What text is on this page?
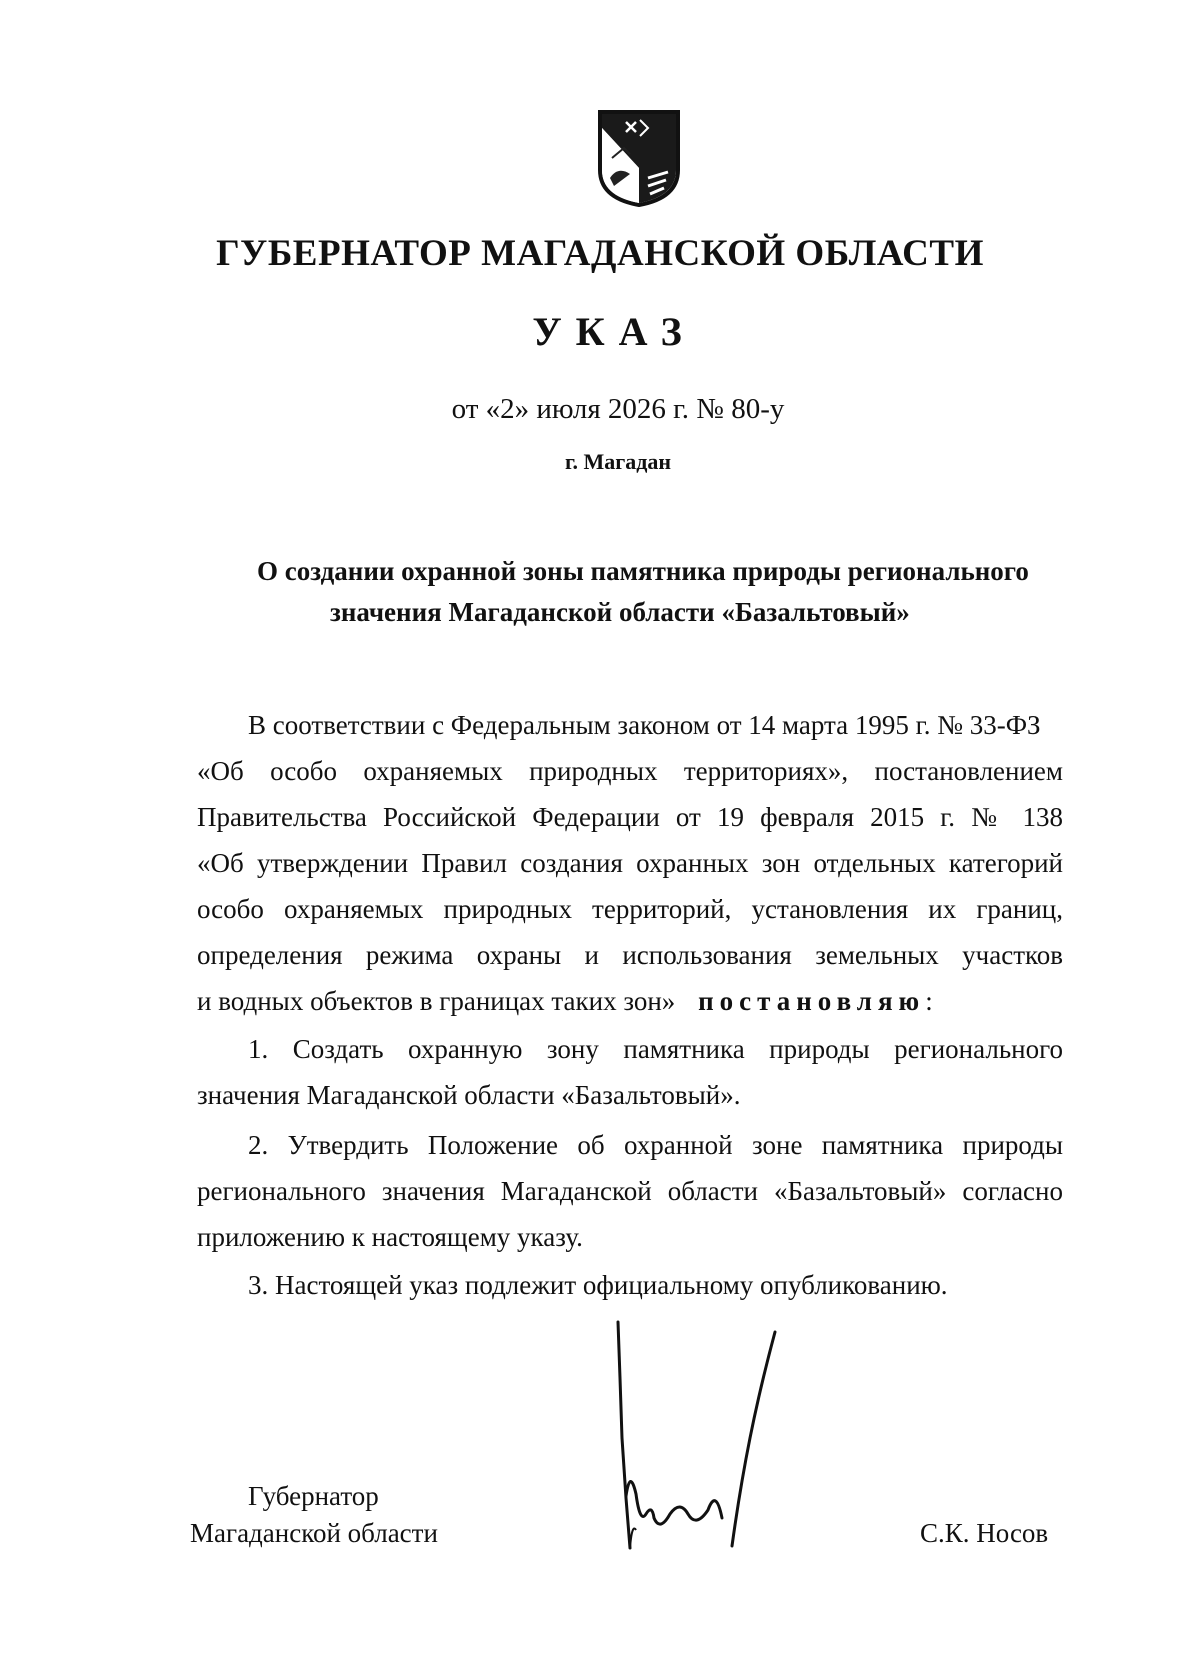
ГУБЕРНАТОР МАГАДАНСКОЙ ОБЛАСТИ
УКАЗ
от «2» июля 2026 г. № 80-у
г. Магадан
О создании охранной зоны памятника природы регионального
значения Магаданской области «Базальтовый»
В соответствии с Федеральным законом от 14 марта 1995 г. № 33-ФЗ
«Об особо охраняемых природных территориях», постановлением
Правительства Российской Федерации от 19 февраля 2015 г. № 138
«Об утверждении Правил создания охранных зон отдельных категорий
особо охраняемых природных территорий, установления их границ,
определения режима охраны и использования земельных участков
и водных объектов в границах таких зон» постановляю:
1. Создать охранную зону памятника природы регионального
значения Магаданской области «Базальтовый».
2. Утвердить Положение об охранной зоне памятника природы
регионального значения Магаданской области «Базальтовый» согласно
приложению к настоящему указу.
3. Настоящей указ подлежит официальному опубликованию.
Губернатор
Магаданской области	С.К. Носов
